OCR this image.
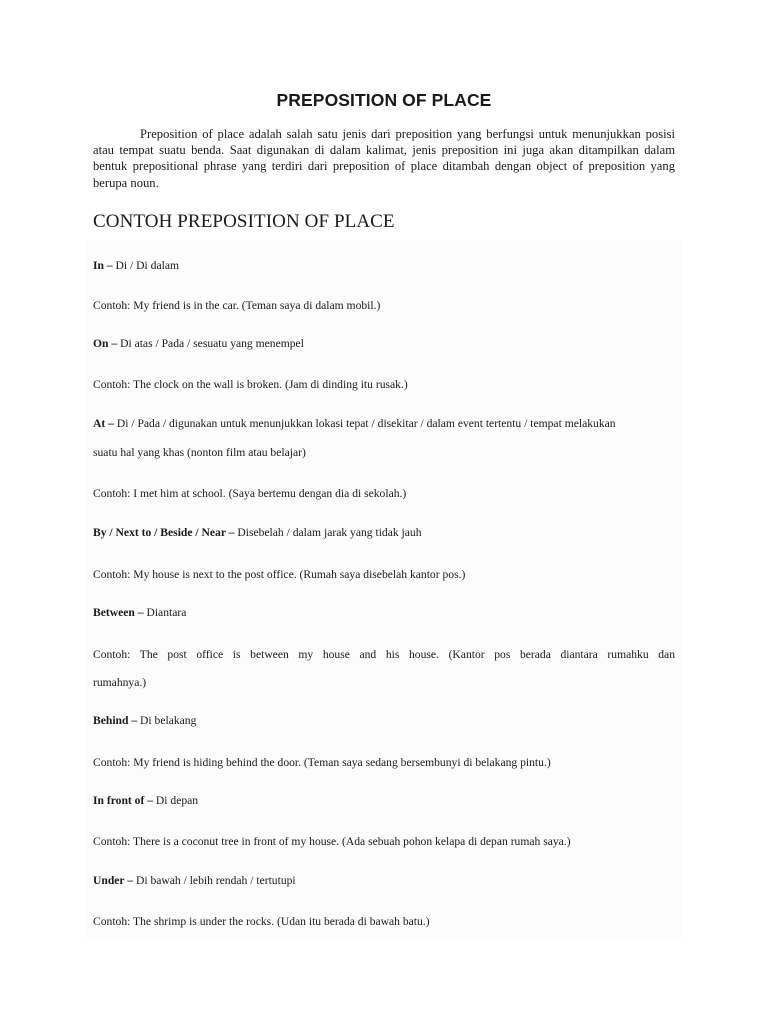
PREPOSITION OF PLACE

Preposition of place adalah salah satu jenis dari preposition yang berfungsi untuk menunjukkan posisi atau tempat suatu benda. Saat digunakan di dalam kalimat, jenis preposition ini juga akan ditampilkan dalam bentuk prepositional phrase yang terdiri dari preposition of place ditambah dengan object of preposition yang berupa noun.

CONTOH PREPOSITION OF PLACE

In – Di / Di dalam

Contoh: My friend is in the car. (Teman saya di dalam mobil.)

On – Di atas / Pada / sesuatu yang menempel

Contoh: The clock on the wall is broken. (Jam di dinding itu rusak.)

At – Di / Pada / digunakan untuk menunjukkan lokasi tepat / disekitar / dalam event tertentu / tempat melakukan

suatu hal yang khas (nonton film atau belajar)

Contoh: I met him at school. (Saya bertemu dengan dia di sekolah.)

By / Next to / Beside / Near – Disebelah / dalam jarak yang tidak jauh

Contoh: My house is next to the post office. (Rumah saya disebelah kantor pos.)

Between – Diantara

Contoh: The post office is between my house and his house. (Kantor pos berada diantara rumahku dan

rumahnya.)

Behind – Di belakang

Contoh: My friend is hiding behind the door. (Teman saya sedang bersembunyi di belakang pintu.)

In front of – Di depan

Contoh: There is a coconut tree in front of my house. (Ada sebuah pohon kelapa di depan rumah saya.)

Under – Di bawah / lebih rendah / tertutupi

Contoh: The shrimp is under the rocks. (Udan itu berada di bawah batu.)
